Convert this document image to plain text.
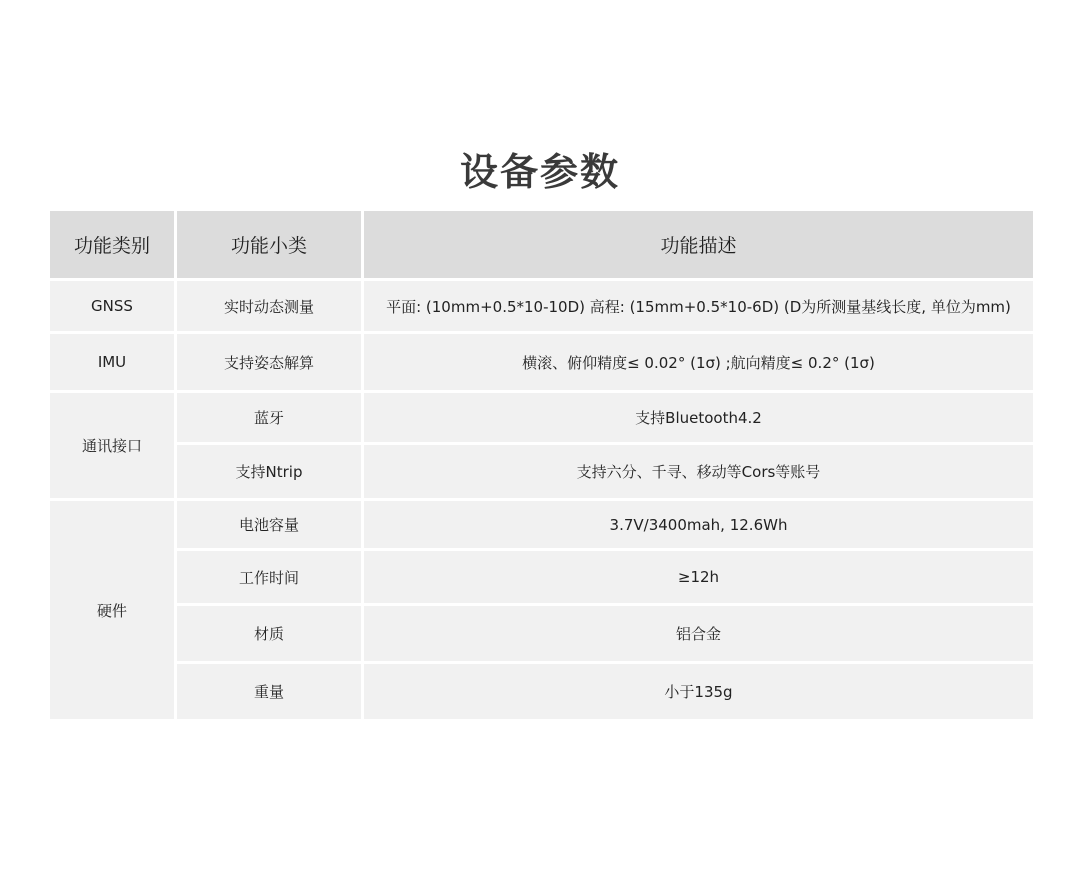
设备参数
功能类别	功能小类	功能描述
GNSS	实时动态测量	平面: (10mm+0.5*10-10D) 高程: (15mm+0.5*10-6D) (D为所测量基线长度, 单位为mm)
IMU	支持姿态解算	横滚、俯仰精度≤ 0.02° (1σ) ;航向精度≤ 0.2° (1σ)
通讯接口	蓝牙	支持Bluetooth4.2
	支持Ntrip	支持六分、千寻、移动等Cors等账号
硬件	电池容量	3.7V/3400mah, 12.6Wh
	工作时间	≥12h
	材质	铝合金
	重量	小于135g
